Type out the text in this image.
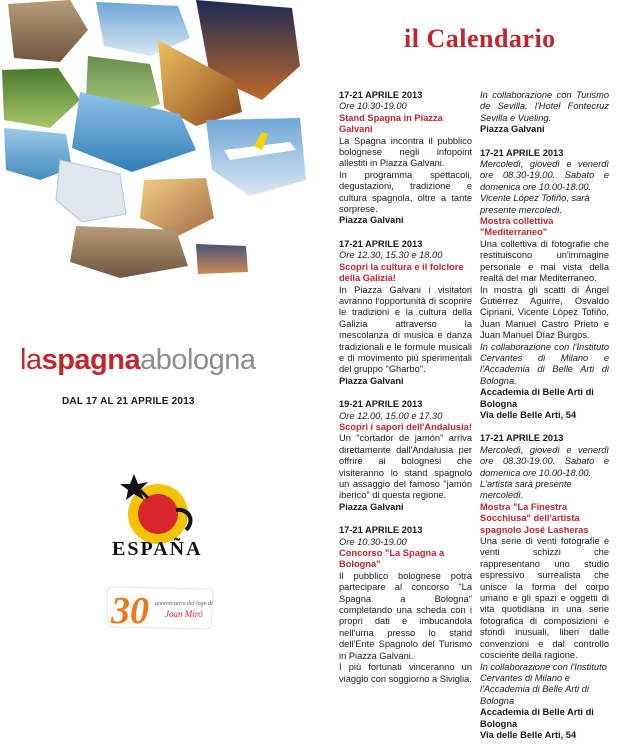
laspagnaabologna
DAL 17 AL 21 APRILE 2013
ESPAÑA
30 anniversario del logo di
Joan Miró
il Calendario

17-21 APRILE 2013

Ore 10.30-19.00

Stand Spagna in Piazza Galvani

La Spagna incontra il pubblico bolognese negli infopoint allestiti in Piazza Galvani.

In programma spettacoli, degustazioni, tradizione e cultura spagnola, oltre a tante sorprese.

Piazza Galvani

17-21 APRILE 2013

Ore 12.30, 15.30 e 18.00

Scopri la cultura e il folclore della Galizia!

In Piazza Galvani i visitatori avranno l'opportunità di scoprire le tradizioni e la cultura della Galizia attraverso la mescolanza di musica e danza tradizionali e le formule musicali e di movimento più sperimentali del gruppo "Gharbo".

Piazza Galvani

19-21 APRILE 2013

Ore 12.00, 15.00 e 17.30

Scopri i sapori dell'Andalusia!

Un "cortador de jamón" arriva direttamente dall'Andalusia per offrire ai bolognesi che visiteranno lo stand spagnolo un assaggio del famoso "jamón iberico" di questa regione.

Piazza Galvani

17-21 APRILE 2013

Ore 10.30-19.00

Concorso "La Spagna a Bologna"

Il pubblico bolognese potrà partecipare al concorso "La Spagna a Bologna" completando una scheda con i propri dati e imbucandola nell'urna presso lo stand dell'Ente Spagnolo del Turismo in Piazza Galvani.

I più fortunati vinceranno un viaggio con soggiorno a Siviglia.

In collaborazione con Turismo de Sevilla, l'Hotel Fontecruz Sevilla e Vueling.

Piazza Galvani

17-21 APRILE 2013

Mercoledì, giovedì e venerdì ore 08.30-19.00. Sabato e domenica ore 10.00-18.00.

Vicente López Tofiño, sarà presente mercoledì.

Mostra collettiva "Mediterraneo"

Una collettiva di fotografie che restituiscono un'immagine personale e mai vista della realtà del mar Mediterraneo.

In mostra gli scatti di Ángel Gutiérrez Aguirre, Osvaldo Cipriani, Vicente López Tofiño, Juan Manuel Castro Prieto e Juan Manuel Díaz Burgos.

In collaborazione con l'Instituto Cervantes di Milano e l'Accademia di Belle Arti di Bologna.

Accademia di Belle Arti di Bologna

Via delle Belle Arti, 54

17-21 APRILE 2013

Mercoledì, giovedì e venerdì ore 08.30-19.00. Sabato e domenica ore 10.00-18.00.

L'artista sarà presente mercoledì.

Mostra "La Finestra Socchiusa" dell'artista spagnolo José Lasheras

Una serie di venti fotografie e venti schizzi che rappresentano uno studio espressivo surrealista che unisce la forma del corpo umano e gli spazi e oggetti di vita quotidiana in una serie fotografica di composizioni e sfondi inusuali, liberi dalle convenzioni e dal controllo cosciente della ragione.

In collaborazione con l'Instituto Cervantes di Milano e l'Accademia di Belle Arti di Bologna

Accademia di Belle Arti di Bologna

Via delle Belle Arti, 54
